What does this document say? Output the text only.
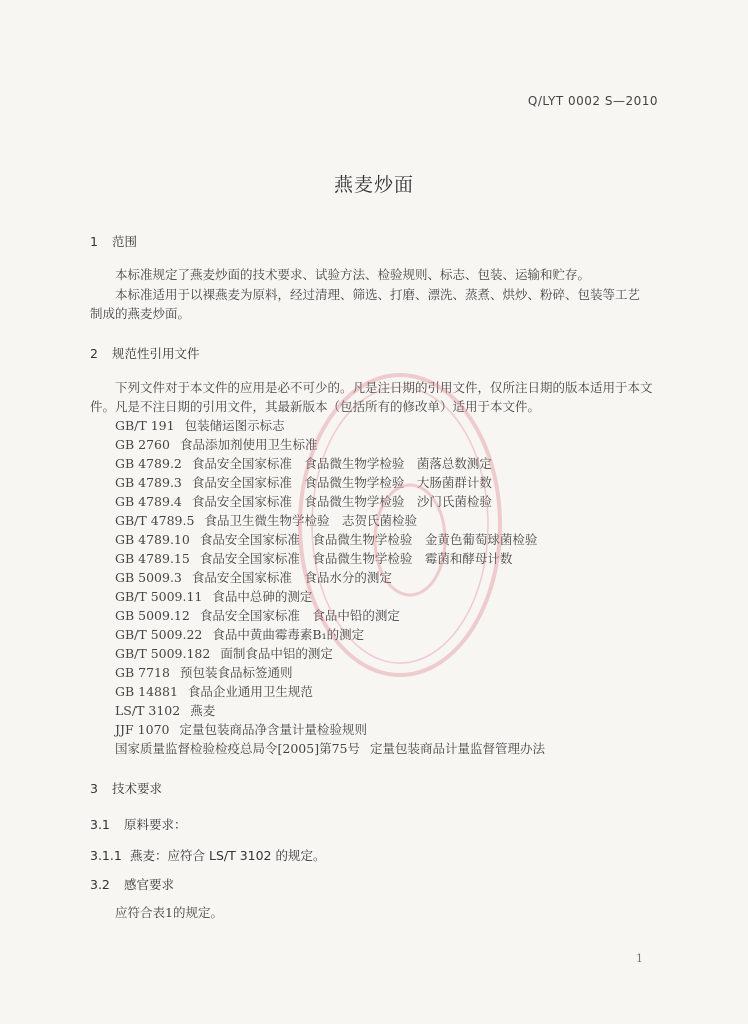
Q/LYT 0002 S—2010
燕麦炒面
1 范围
本标准规定了燕麦炒面的技术要求、试验方法、检验规则、标志、包装、运输和贮存。
本标准适用于以裸燕麦为原料，经过清理、筛选、打磨、漂洗、蒸煮、烘炒、粉碎、包装等工艺
制成的燕麦炒面。
2 规范性引用文件
下列文件对于本文件的应用是必不可少的。凡是注日期的引用文件，仅所注日期的版本适用于本文
件。凡是不注日期的引用文件，其最新版本（包括所有的修改单）适用于本文件。
GB/T 191 包装储运图示标志
GB 2760 食品添加剂使用卫生标准
GB 4789.2 食品安全国家标准　食品微生物学检验　菌落总数测定
GB 4789.3 食品安全国家标准　食品微生物学检验　大肠菌群计数
GB 4789.4 食品安全国家标准　食品微生物学检验　沙门氏菌检验
GB/T 4789.5 食品卫生微生物学检验　志贺氏菌检验
GB 4789.10 食品安全国家标准　食品微生物学检验　金黄色葡萄球菌检验
GB 4789.15 食品安全国家标准　食品微生物学检验　霉菌和酵母计数
GB 5009.3 食品安全国家标准　食品水分的测定
GB/T 5009.11 食品中总砷的测定
GB 5009.12 食品安全国家标准　食品中铅的测定
GB/T 5009.22 食品中黄曲霉毒素B₁的测定
GB/T 5009.182 面制食品中铝的测定
GB 7718 预包装食品标签通则
GB 14881 食品企业通用卫生规范
LS/T 3102 燕麦
JJF 1070 定量包装商品净含量计量检验规则
国家质量监督检验检疫总局令[2005]第75号 定量包装商品计量监督管理办法
3 技术要求
3.1 原料要求：
3.1.1 燕麦：应符合 LS/T 3102 的规定。
3.2 感官要求
应符合表1的规定。
1
